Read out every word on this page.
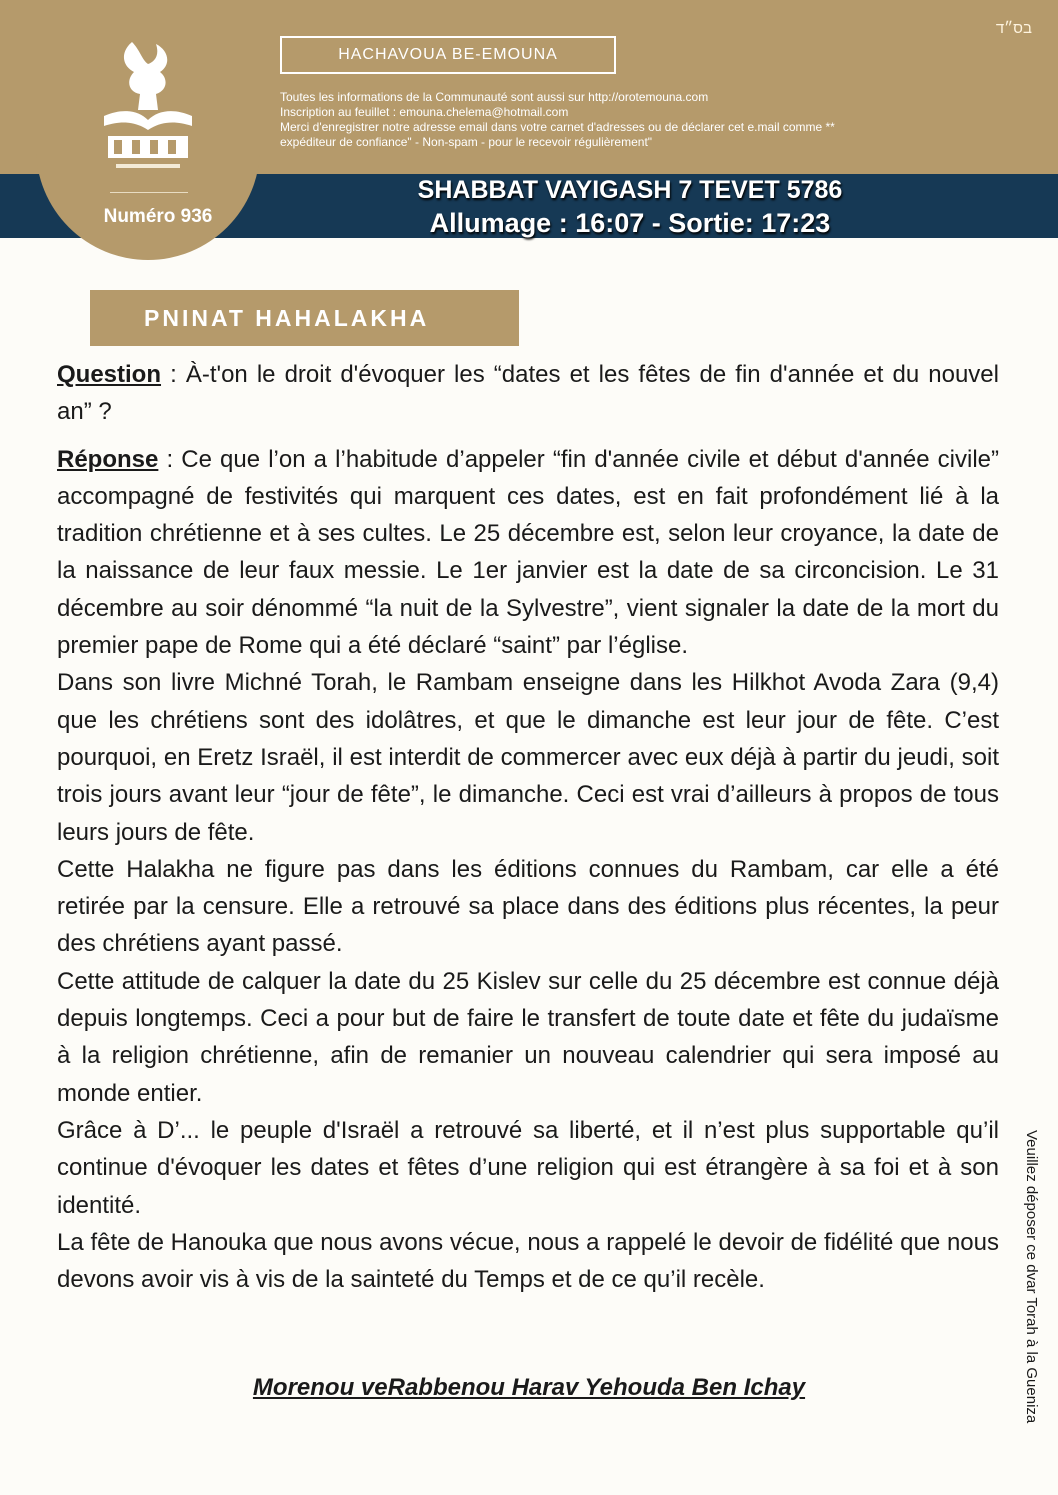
Numéro 936
בס״ד
HACHAVOUA BE-EMOUNA
Toutes les informations de la Communauté sont aussi sur http://orotemouna.com
Inscription au feuillet : emouna.chelema@hotmail.com
Merci d'enregistrer notre adresse email dans votre carnet d'adresses ou de déclarer cet e.mail comme **
expéditeur de confiance" - Non-spam - pour le recevoir régulièrement"
SHABBAT VAYIGASH 7 TEVET 5786
Allumage : 16:07 - Sortie: 17:23
PNINAT HAHALAKHA

Question : À-t'on le droit d'évoquer les “dates et les fêtes de fin d'année et du nouvel an” ?

Réponse : Ce que l’on a l’habitude d’appeler “fin d'année civile et début d'année civile” accompagné de festivités qui marquent ces dates, est en fait profondément lié à la tradition chrétienne et à ses cultes. Le 25 décembre est, selon leur croyance, la date de la naissance de leur faux messie. Le 1er janvier est la date de sa circoncision. Le 31 décembre au soir dénommé “la nuit de la Sylvestre”, vient signaler la date de la mort du premier pape de Rome qui a été déclaré “saint” par l’église.

Dans son livre Michné Torah, le Rambam enseigne dans les Hilkhot Avoda Zara (9,4) que les chrétiens sont des idolâtres, et que le dimanche est leur jour de fête. C’est pourquoi, en Eretz Israël, il est interdit de commercer avec eux déjà à partir du jeudi, soit trois jours avant leur “jour de fête”, le dimanche. Ceci est vrai d’ailleurs à propos de tous leurs jours de fête.

Cette Halakha ne figure pas dans les éditions connues du Rambam, car elle a été retirée par la censure. Elle a retrouvé sa place dans des éditions plus récentes, la peur des chrétiens ayant passé.

Cette attitude de calquer la date du 25 Kislev sur celle du 25 décembre est connue déjà depuis longtemps. Ceci a pour but de faire le transfert de toute date et fête du judaïsme à la religion chrétienne, afin de remanier un nouveau calendrier qui sera imposé au monde entier.

Grâce à D’... le peuple d'Israël a retrouvé sa liberté, et il n’est plus supportable qu’il continue d'évoquer les dates et fêtes d’une religion qui est étrangère à sa foi et à son identité.

La fête de Hanouka que nous avons vécue, nous a rappelé le devoir de fidélité que nous devons avoir vis à vis de la sainteté du Temps et de ce qu’il recèle.

Morenou veRabbenou Harav Yehouda Ben Ichay	Veuillez déposer ce dvar Torah à la Guenizа
